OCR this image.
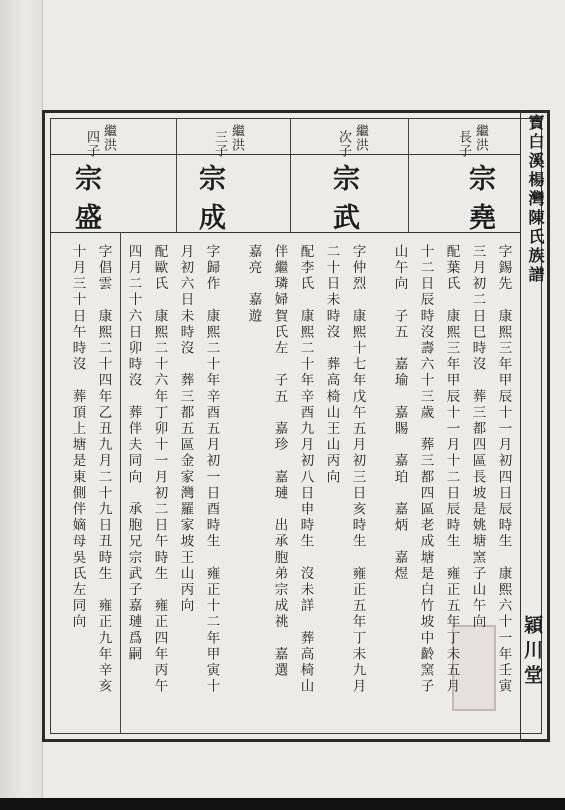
寶白溪楊灣陳氏族譜
穎川堂
繼洪
長子
宗堯
字錫先　康熙三年甲辰十一月初四日辰時生　康熙六十一年壬寅
三月初二日巳時沒　葬三都四區長坡是姚塘窯子山午向
配葉氏　康熙三年甲辰十一月十二日辰時生　雍正五年丁未五月
十二日辰時沒壽六十三歲　葬三都四區老成塘是白竹坡中齡窯子
山午向　子五　嘉瑜　嘉賜　嘉珀　嘉炳　嘉煜
繼洪
次子
宗武
字仲烈　康熙十七年戊午五月初三日亥時生　雍正五年丁未九月
二十日未時沒　葬高椅山王山丙向
配李氏　康熙二十年辛酉九月初八日申時生　沒未詳　葬高椅山
伴繼璘婦賀氏左　子五　嘉珍　嘉璉　出承胞弟宗成祧　嘉選
嘉亮　嘉遊
繼洪
三子
宗成
字歸作　康熙二十年辛酉五月初一日酉時生　雍正十二年甲寅十
月初六日未時沒　葬三都五區金家灣羅家坡王山丙向
配歐氏　康熙二十六年丁卯十一月初二日午時生　雍正四年丙午
四月二十六日卯時沒　葬伴夫同向　承胞兄宗武子嘉璉爲嗣
繼洪
四子
宗盛
字倡雲　康熙二十四年乙丑九月二十九日丑時生　雍正九年辛亥
十月三十日午時沒　葬頂上塘是東側伴嫡母吳氏左同向
